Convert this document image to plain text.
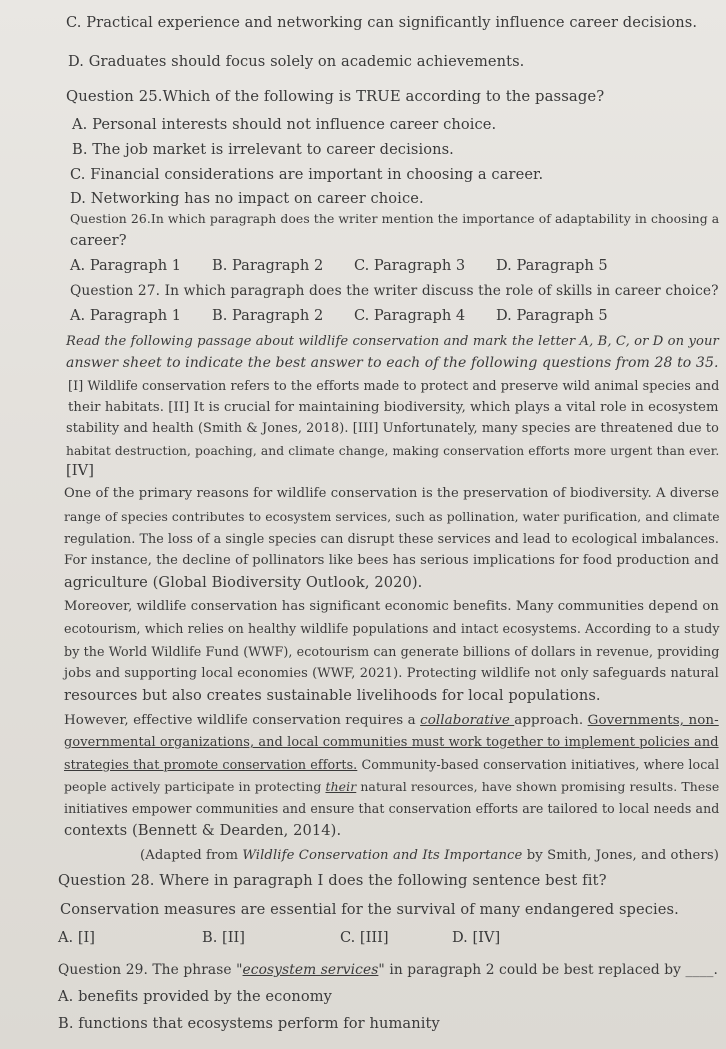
C. Practical experience and networking can significantly influence career decisions.
D. Graduates should focus solely on academic achievements.
Question 25.Which of the following is TRUE according to the passage?
A. Personal interests should not influence career choice.
B. The job market is irrelevant to career decisions.
C. Financial considerations are important in choosing a career.
D. Networking has no impact on career choice.
Question 26.In which paragraph does the writer mention the importance of adaptability in choosing a
career?
A. Paragraph 1 B. Paragraph 2 C. Paragraph 3 D. Paragraph 5
Question 27. In which paragraph does the writer discuss the role of skills in career choice?
A. Paragraph 1 B. Paragraph 2 C. Paragraph 4 D. Paragraph 5
Read the following passage about wildlife conservation and mark the letter A, B, C, or D on your
answer sheet to indicate the best answer to each of the following questions from 28 to 35.
[I] Wildlife conservation refers to the efforts made to protect and preserve wild animal species and
their habitats. [II] It is crucial for maintaining biodiversity, which plays a vital role in ecosystem
stability and health (Smith & Jones, 2018). [III] Unfortunately, many species are threatened due to
habitat destruction, poaching, and climate change, making conservation efforts more urgent than ever.
[IV]
One of the primary reasons for wildlife conservation is the preservation of biodiversity. A diverse
range of species contributes to ecosystem services, such as pollination, water purification, and climate
regulation. The loss of a single species can disrupt these services and lead to ecological imbalances.
For instance, the decline of pollinators like bees has serious implications for food production and
agriculture (Global Biodiversity Outlook, 2020).
Moreover, wildlife conservation has significant economic benefits. Many communities depend on
ecotourism, which relies on healthy wildlife populations and intact ecosystems. According to a study
by the World Wildlife Fund (WWF), ecotourism can generate billions of dollars in revenue, providing
jobs and supporting local economies (WWF, 2021). Protecting wildlife not only safeguards natural
resources but also creates sustainable livelihoods for local populations.
However, effective wildlife conservation requires a collaborative approach. Governments, non-
governmental organizations, and local communities must work together to implement policies and
strategies that promote conservation efforts. Community-based conservation initiatives, where local
people actively participate in protecting their natural resources, have shown promising results. These
initiatives empower communities and ensure that conservation efforts are tailored to local needs and
contexts (Bennett & Dearden, 2014).
(Adapted from Wildlife Conservation and Its Importance by Smith, Jones, and others)
Question 28. Where in paragraph I does the following sentence best fit?
Conservation measures are essential for the survival of many endangered species.
A. [I]	B. [II]	C. [III]	D. [IV]
Question 29. The phrase "ecosystem services" in paragraph 2 could be best replaced by ____.
A. benefits provided by the economy
B. functions that ecosystems perform for humanity
